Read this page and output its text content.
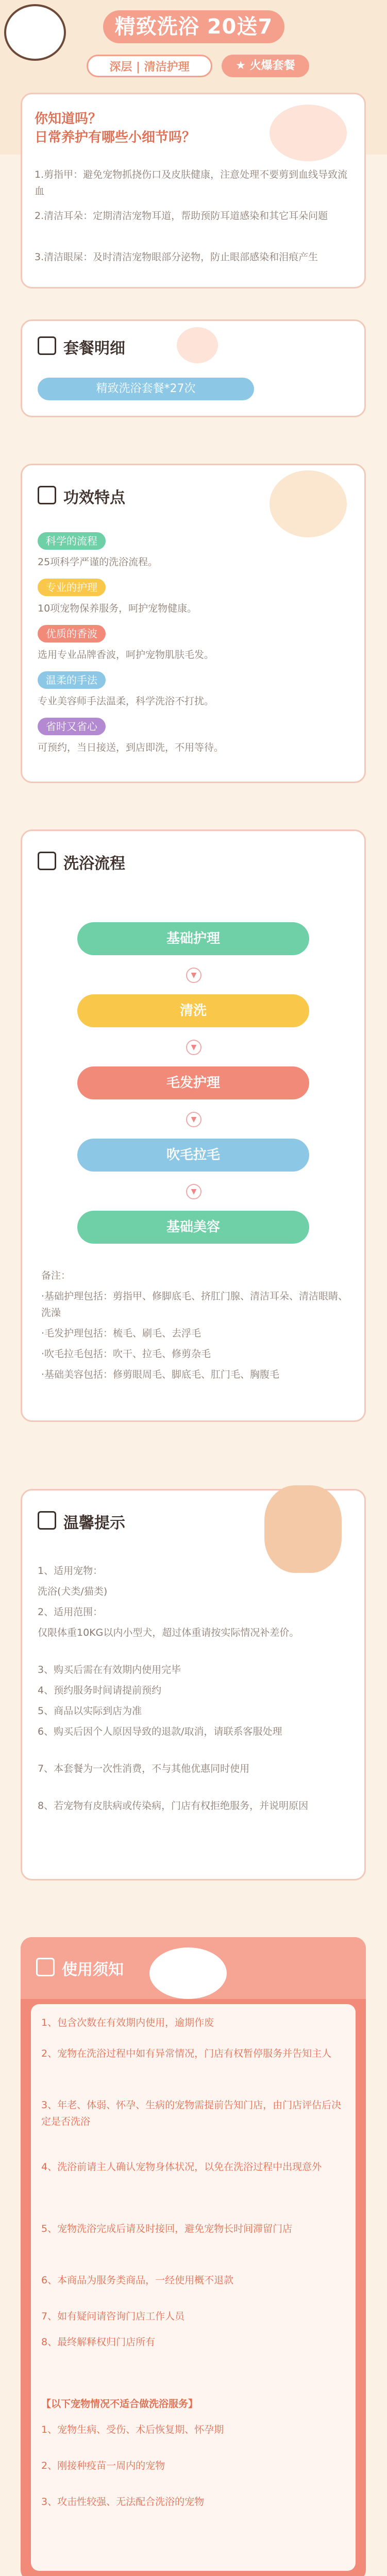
精致洗浴 20送7
深层 | 清洁护理	★ 火爆套餐
你知道吗？
日常养护有哪些小细节吗？
1.剪指甲：避免宠物抓挠伤口及皮肤健康，注意处理不要剪到血线导致流血
2.清洁耳朵：定期清洁宠物耳道，帮助预防耳道感染和其它耳朵问题
3.清洁眼屎：及时清洁宠物眼部分泌物，防止眼部感染和泪痕产生
套餐明细
精致洗浴套餐*27次
功效特点
科学的流程
25项科学严谨的洗浴流程。
专业的护理
10项宠物保养服务，呵护宠物健康。
优质的香波
选用专业品牌香波，呵护宠物肌肤毛发。
温柔的手法
专业美容师手法温柔，科学洗浴不打扰。
省时又省心
可预约，当日接送，到店即洗，不用等待。
洗浴流程
基础护理
▼
清洗
▼
毛发护理
▼
吹毛拉毛
▼
基础美容
备注：
·基础护理包括：剪指甲、修脚底毛、挤肛门腺、清洁耳朵、清洁眼睛、洗澡
·毛发护理包括：梳毛、刷毛、去浮毛
·吹毛拉毛包括：吹干、拉毛、修剪杂毛
·基础美容包括：修剪眼周毛、脚底毛、肛门毛、胸腹毛
温馨提示
1、适用宠物：
洗浴(犬类/猫类)
2、适用范围：
仅限体重10KG以内小型犬，超过体重请按实际情况补差价。
3、购买后需在有效期内使用完毕
4、预约服务时间请提前预约
5、商品以实际到店为准
6、购买后因个人原因导致的退款/取消，请联系客服处理
7、本套餐为一次性消费，不与其他优惠同时使用
8、若宠物有皮肤病或传染病，门店有权拒绝服务，并说明原因
使用须知
1、包含次数在有效期内使用，逾期作废
2、宠物在洗浴过程中如有异常情况，门店有权暂停服务并告知主人
3、年老、体弱、怀孕、生病的宠物需提前告知门店，由门店评估后决定是否洗浴
4、洗浴前请主人确认宠物身体状况，以免在洗浴过程中出现意外
5、宠物洗浴完成后请及时接回，避免宠物长时间滞留门店
6、本商品为服务类商品，一经使用概不退款
7、如有疑问请咨询门店工作人员
8、最终解释权归门店所有
【以下宠物情况不适合做洗浴服务】
1、宠物生病、受伤、术后恢复期、怀孕期
2、刚接种疫苗一周内的宠物
3、攻击性较强、无法配合洗浴的宠物
